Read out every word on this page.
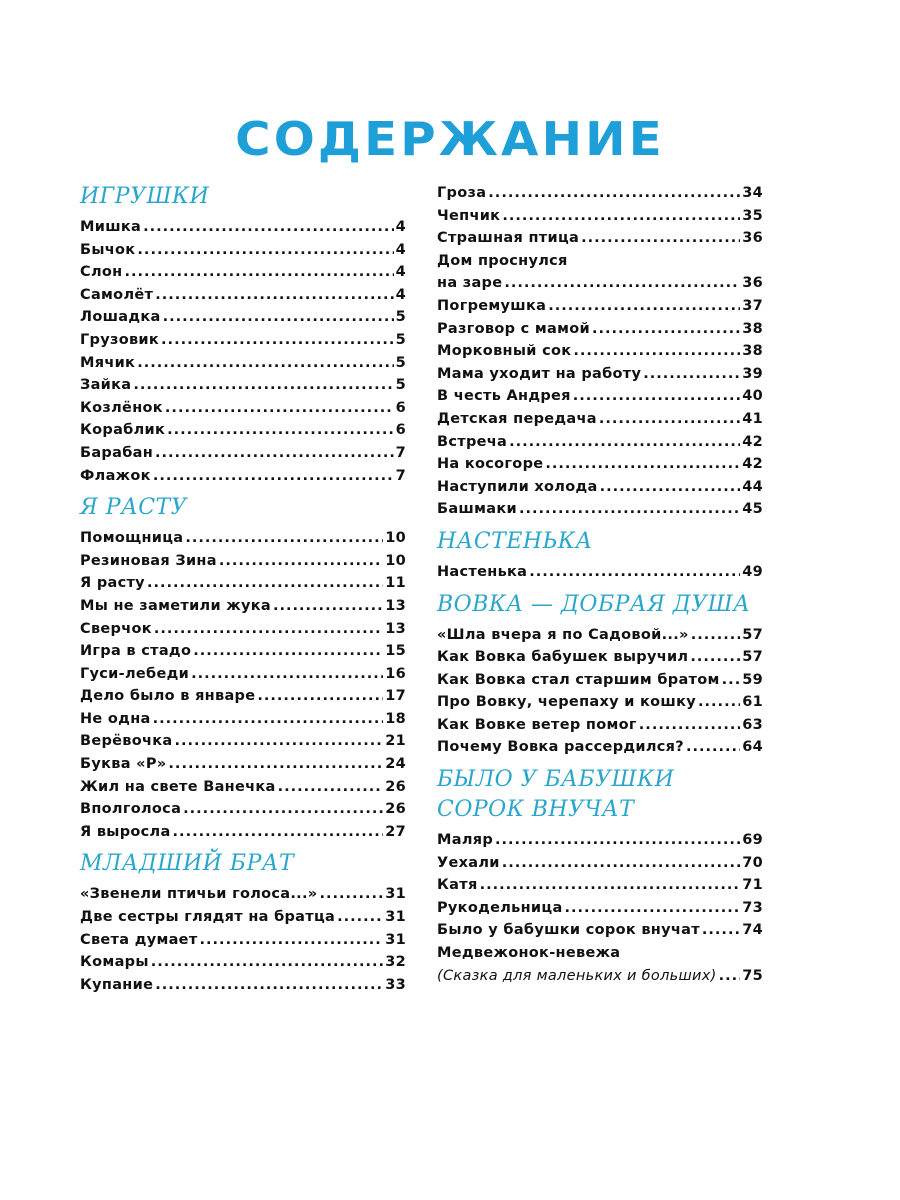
СОДЕРЖАНИЕ
ИГРУШКИ
Мишка .....	4
Бычок .....	4
Слон .....	4
Самолёт .....	4
Лошадка .....	5
Грузовик .....	5
Мячик .....	5
Зайка .....	5
Козлёнок .....	6
Кораблик .....	6
Барабан .....	7
Флажок .....	7
Я РАСТУ
Помощница .....	10
Резиновая Зина .....	10
Я расту .....	11
Мы не заметили жука .....	13
Сверчок .....	13
Игра в стадо .....	15
Гуси-лебеди .....	16
Дело было в январе .....	17
Не одна .....	18
Верёвочка .....	21
Буква «Р» .....	24
Жил на свете Ванечка .....	26
Вполголоса .....	26
Я выросла .....	27
МЛАДШИЙ БРАТ
«Звенели птичьи голоса...» .....	31
Две сестры глядят на братца .....	31
Света думает .....	31
Комары .....	32
Купание .....	33
Гроза .....	34
Чепчик .....	35
Страшная птица .....	36
Дом проснулся
на заре .....	36
Погремушка .....	37
Разговор с мамой .....	38
Морковный сок .....	38
Мама уходит на работу .....	39
В честь Андрея .....	40
Детская передача .....	41
Встреча .....	42
На косогоре .....	42
Наступили холода .....	44
Башмаки .....	45
НАСТЕНЬКА
Настенька .....	49
ВОВКА — ДОБРАЯ ДУША
«Шла вчера я по Садовой...» .....	57
Как Вовка бабушек выручил .....	57
Как Вовка стал старшим братом ..... 59
Про Вовку, черепаху и кошку .....	61
Как Вовке ветер помог .....	63
Почему Вовка рассердился? .....	64
БЫЛО У БАБУШКИ
СОРОК ВНУЧАТ
Маляр .....	69
Уехали .....	70
Катя .....	71
Рукодельница .....	73
Было у бабушки сорок внучат .....	74
Медвежонок-невежа
(Сказка для маленьких и больших) ..... 75
